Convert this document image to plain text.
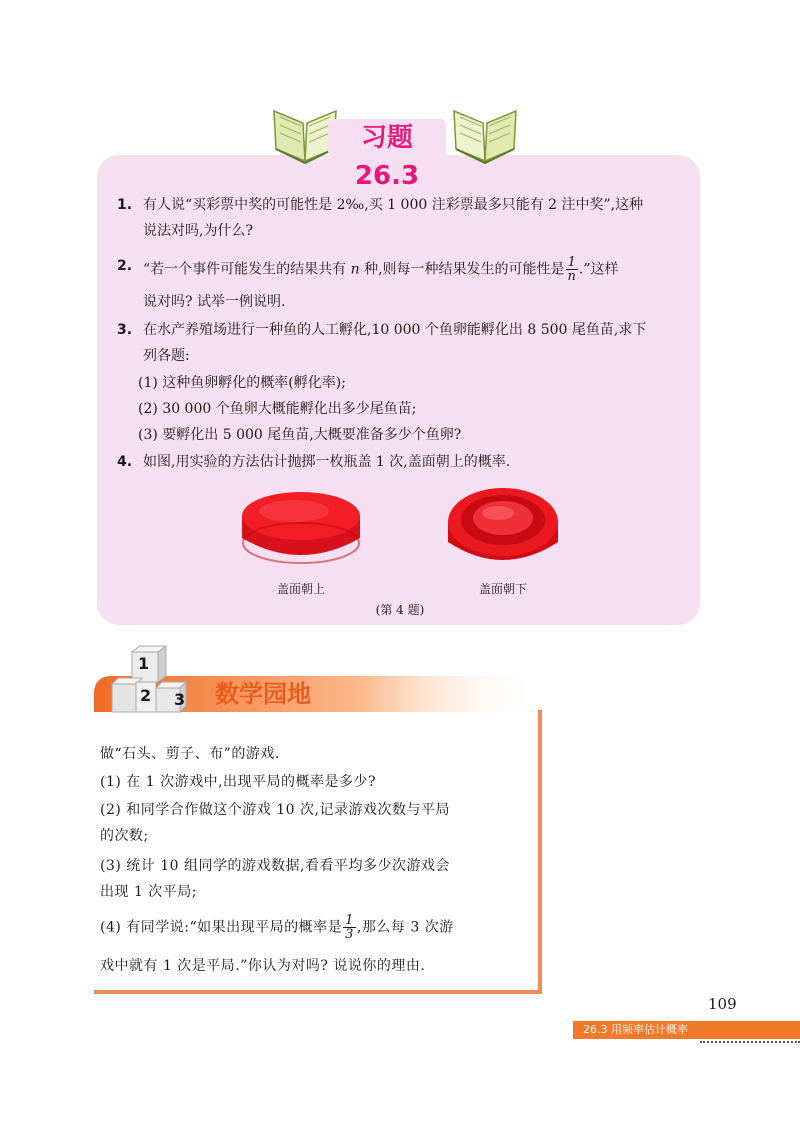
习题 26.3
1. 有人说“买彩票中奖的可能性是 2‰,买 1 000 注彩票最多只能有 2 注中奖”,这种
说法对吗,为什么?
2. “若一个事件可能发生的结果共有 n 种,则每一种结果发生的可能性是 $\frac{1}{n}$ .”这样
说对吗? 试举一例说明.
3. 在水产养殖场进行一种鱼的人工孵化,10 000 个鱼卵能孵化出 8 500 尾鱼苗,求下
列各题:
(1) 这种鱼卵孵化的概率(孵化率);
(2) 30 000 个鱼卵大概能孵化出多少尾鱼苗;
(3) 要孵化出 5 000 尾鱼苗,大概要准备多少个鱼卵?
4. 如图,用实验的方法估计抛掷一枚瓶盖 1 次,盖面朝上的概率.
盖面朝上	盖面朝下
(第 4 题)
1
2 3 数学园地
做“石头、剪子、布”的游戏.
(1) 在 1 次游戏中,出现平局的概率是多少?
(2) 和同学合作做这个游戏 10 次,记录游戏次数与平局
的次数;
(3) 统计 10 组同学的游戏数据,看看平均多少次游戏会
出现 1 次平局;
(4) 有同学说:“如果出现平局的概率是 $\frac{1}{3}$ ,那么每 3 次游
戏中就有 1 次是平局.”你认为对吗? 说说你的理由.
109
26.3 用频率估计概率
